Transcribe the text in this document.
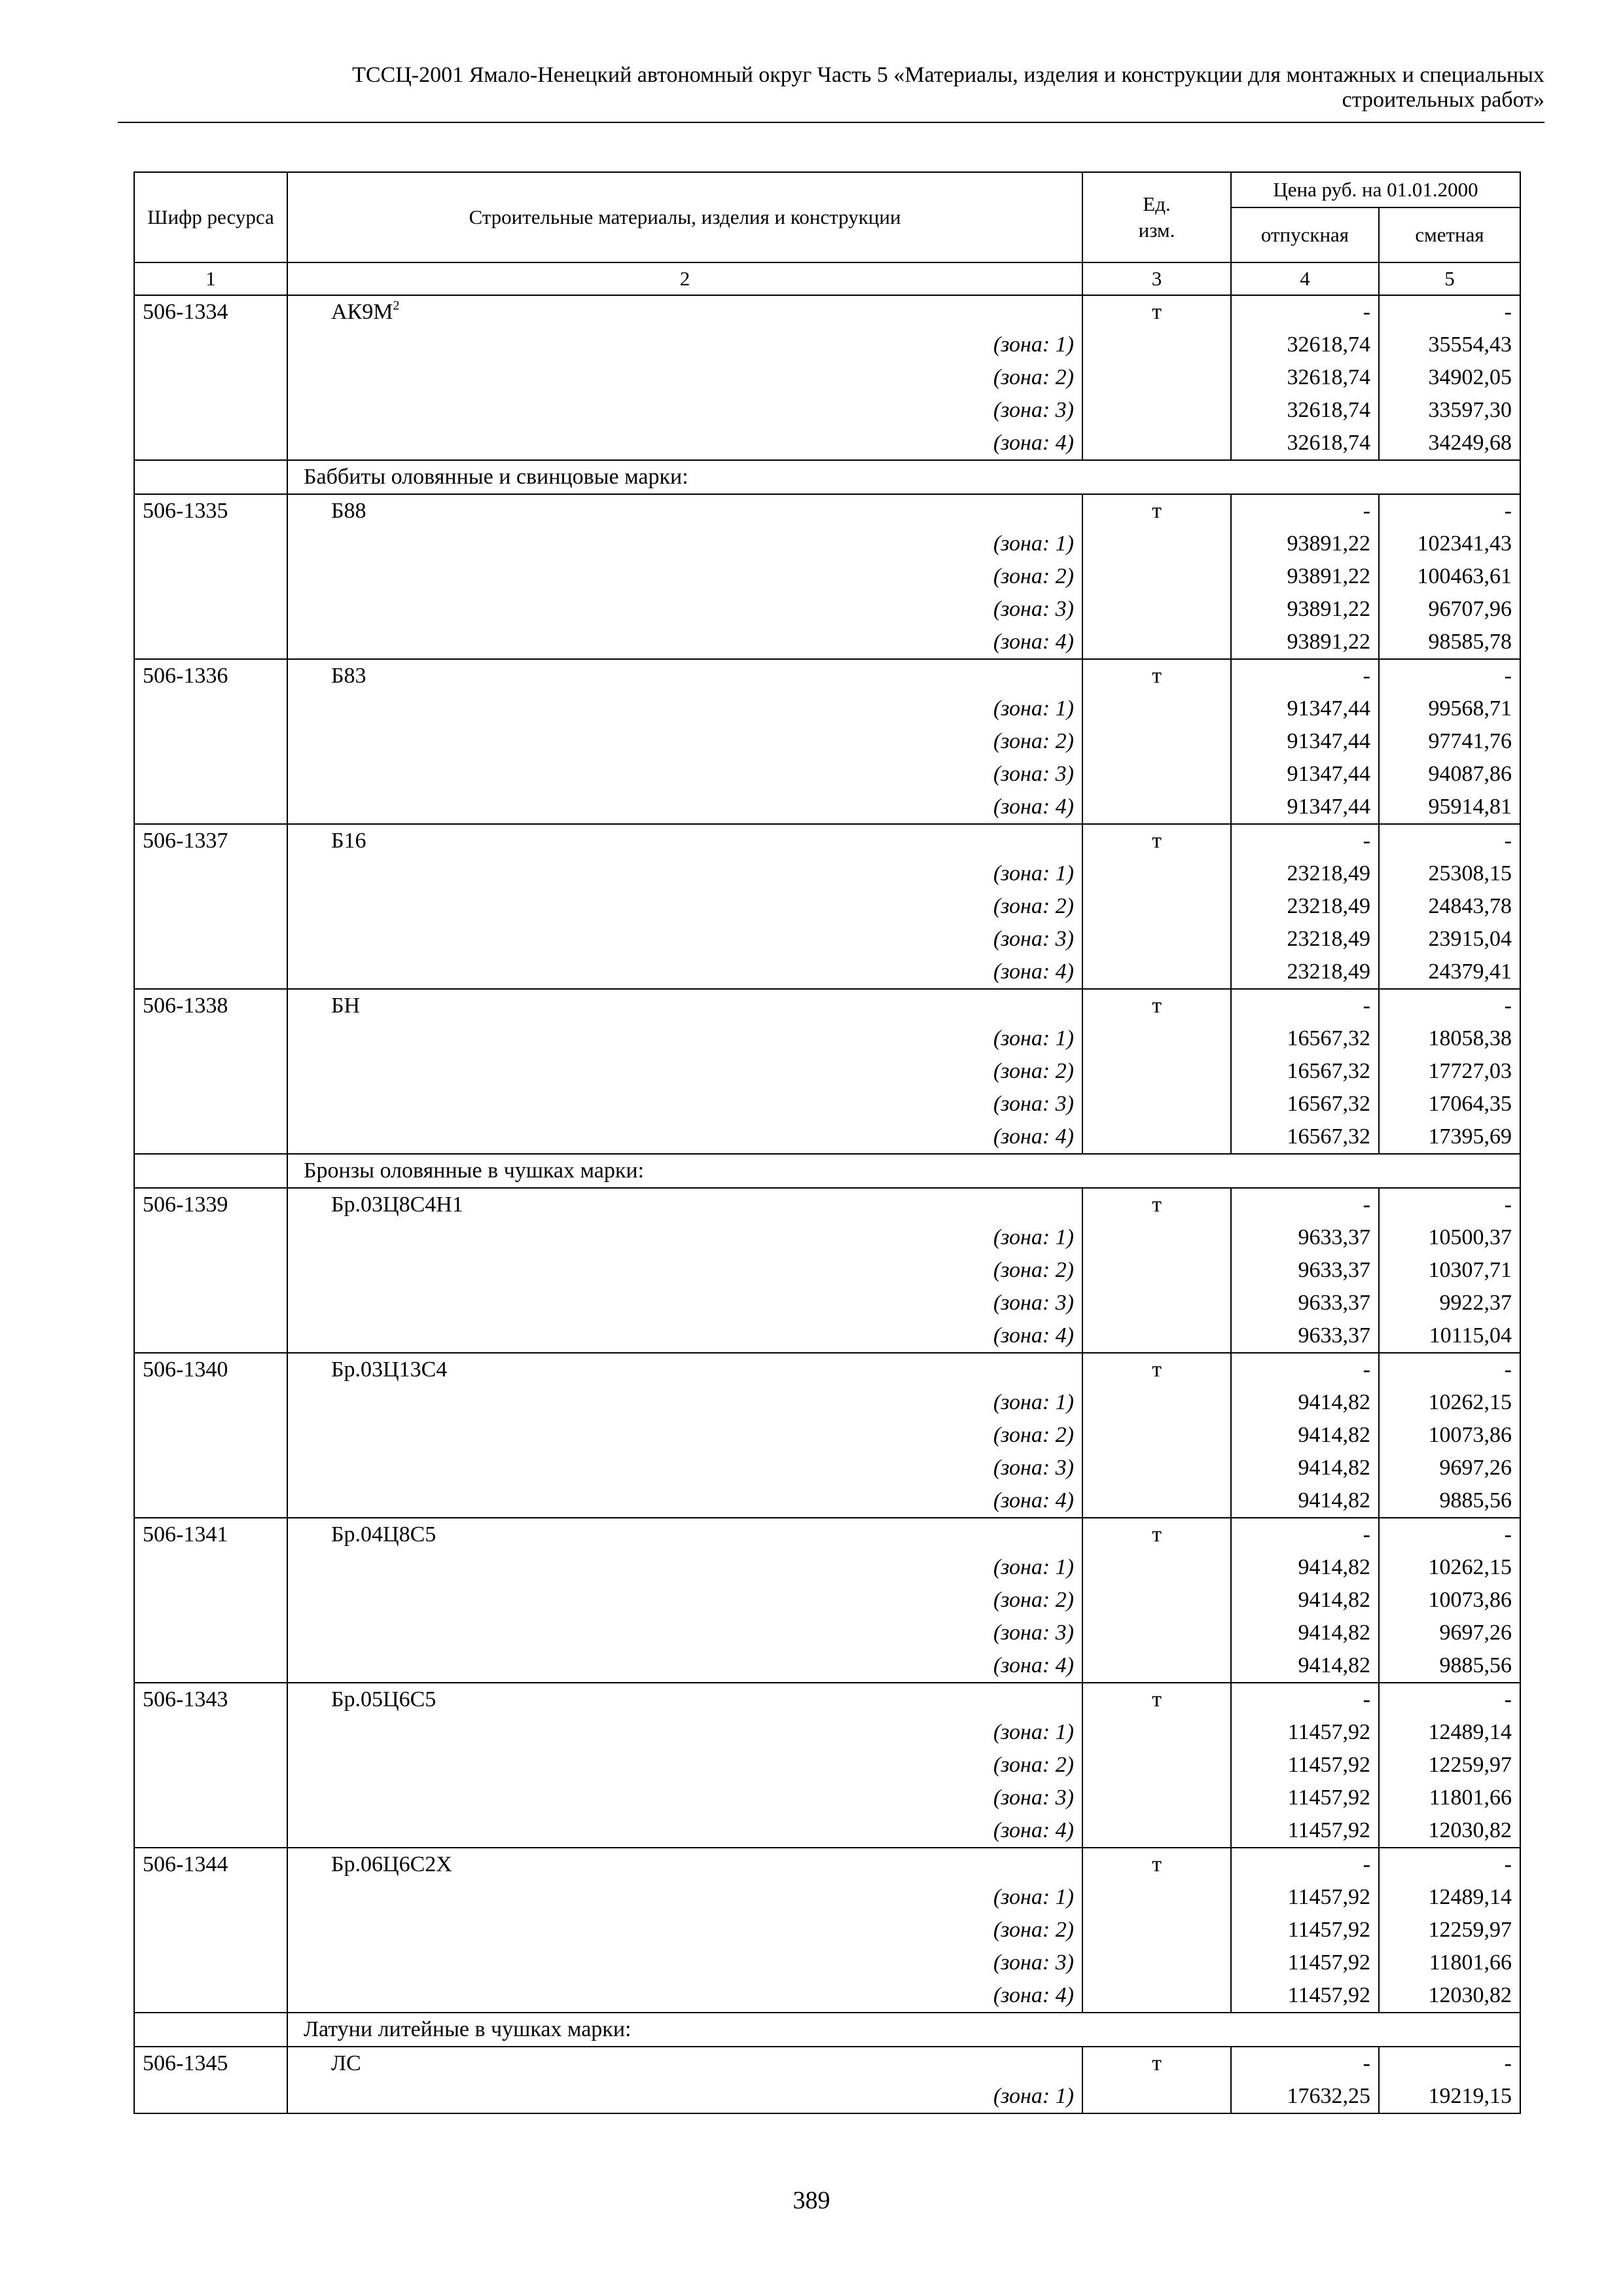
ТССЦ-2001 Ямало-Ненецкий автономный округ Часть 5 «Материалы, изделия и конструкции для монтажных и специальных
строительных работ»
Шифр ресурса	Строительные материалы, изделия и конструкции	Ед. изм.	Цена руб. на 01.01.2000	
			отпускная	сметная
1	2	3	4	5
506-1334	$АК9М^2$	т	-	-
	(зона: 1)		32618,74	35554,43
	(зона: 2)		32618,74	34902,05
	(зона: 3)		32618,74	33597,30
	(зона: 4)		32618,74	34249,68
	Баббиты оловянные и свинцовые марки:			
506-1335	Б88	т	-	-
	(зона: 1)		93891,22	102341,43
	(зона: 2)		93891,22	100463,61
	(зона: 3)		93891,22	96707,96
	(зона: 4)		93891,22	98585,78
506-1336	Б83	т	-	-
	(зона: 1)		91347,44	99568,71
	(зона: 2)		91347,44	97741,76
	(зона: 3)		91347,44	94087,86
	(зона: 4)		91347,44	95914,81
506-1337	Б16	т	-	-
	(зона: 1)		23218,49	25308,15
	(зона: 2)		23218,49	24843,78
	(зона: 3)		23218,49	23915,04
	(зона: 4)		23218,49	24379,41
506-1338	БН	т	-	-
	(зона: 1)		16567,32	18058,38
	(зона: 2)		16567,32	17727,03
	(зона: 3)		16567,32	17064,35
	(зона: 4)		16567,32	17395,69
	Бронзы оловянные в чушках марки:			
506-1339	Бр.03Ц8С4Н1	т	-	-
	(зона: 1)		9633,37	10500,37
	(зона: 2)		9633,37	10307,71
	(зона: 3)		9633,37	9922,37
	(зона: 4)		9633,37	10115,04
506-1340	Бр.03Ц13С4	т	-	-
	(зона: 1)		9414,82	10262,15
	(зона: 2)		9414,82	10073,86
	(зона: 3)		9414,82	9697,26
	(зона: 4)		9414,82	9885,56
506-1341	Бр.04Ц8С5	т	-	-
	(зона: 1)		9414,82	10262,15
	(зона: 2)		9414,82	10073,86
	(зона: 3)		9414,82	9697,26
	(зона: 4)		9414,82	9885,56
506-1343	Бр.05Ц6С5	т	-	-
	(зона: 1)		11457,92	12489,14
	(зона: 2)		11457,92	12259,97
	(зона: 3)		11457,92	11801,66
	(зона: 4)		11457,92	12030,82
506-1344	Бр.06Ц6С2Х	т	-	-
	(зона: 1)		11457,92	12489,14
	(зона: 2)		11457,92	12259,97
	(зона: 3)		11457,92	11801,66
	(зона: 4)		11457,92	12030,82
	Латуни литейные в чушках марки:			
506-1345	ЛС	т	-	-
	(зона: 1)		17632,25	19219,15
389
